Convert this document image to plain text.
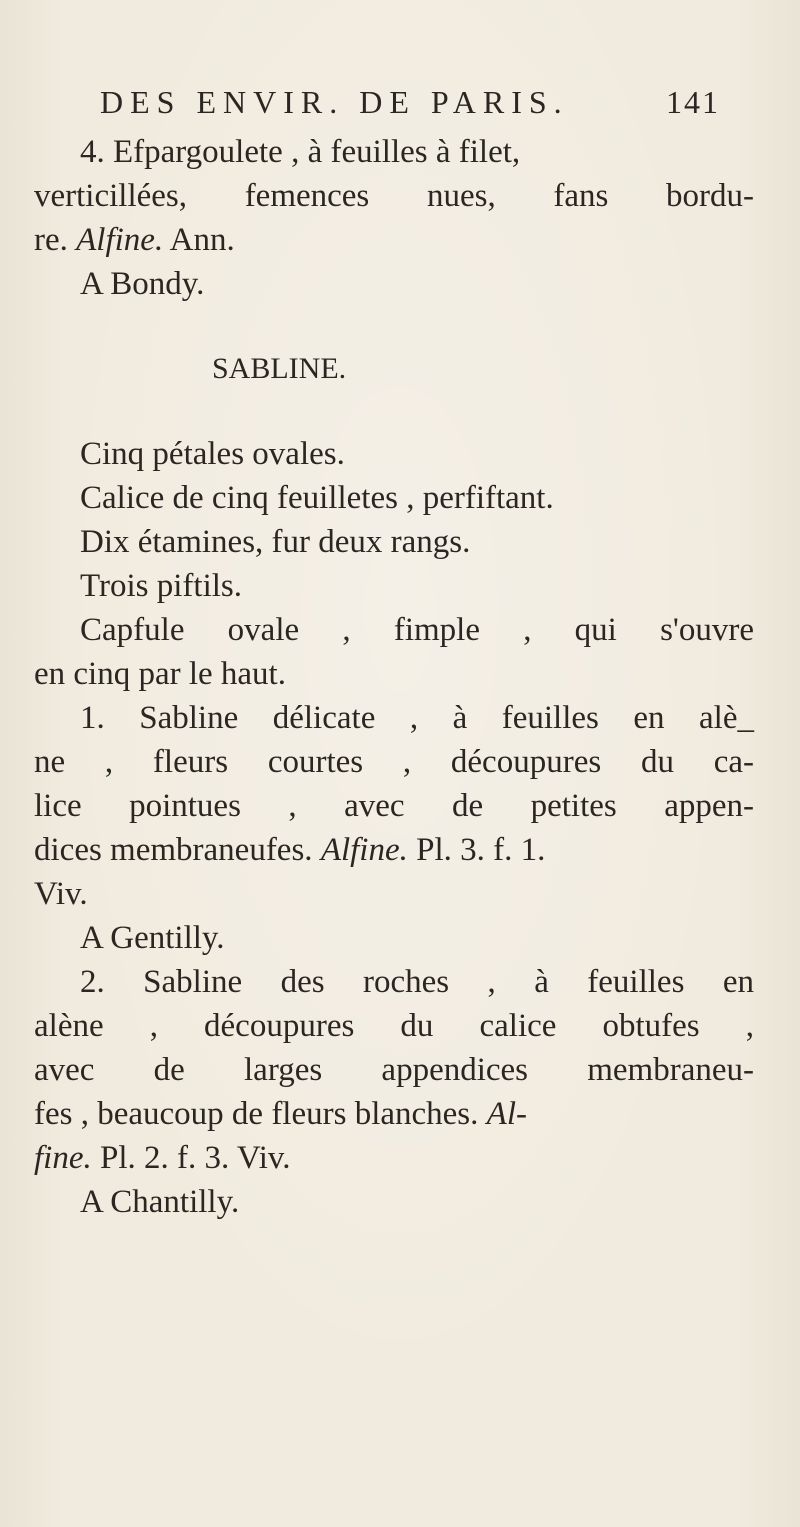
DES ENVIR. DE PARIS.	141
4. Efpargoulete , à feuilles à filet,
verticillées, femences nues, fans bordu-
re. Alfine. Ann.
A Bondy.
SABLINE.
Cinq pétales ovales.
Calice de cinq feuilletes , perfiftant.
Dix étamines, fur deux rangs.
Trois piftils.
Capfule ovale , fimple , qui s'ouvre
en cinq par le haut.
1. Sabline délicate , à feuilles en alè_
ne , fleurs courtes , découpures du ca-
lice pointues , avec de petites appen-
dices membraneufes. Alfine. Pl. 3. f. 1.
Viv.
A Gentilly.
2. Sabline des roches , à feuilles en
alène , découpures du calice obtufes ,
avec de larges appendices membraneu-
fes , beaucoup de fleurs blanches. Al-
fine. Pl. 2. f. 3. Viv.
A Chantilly.
